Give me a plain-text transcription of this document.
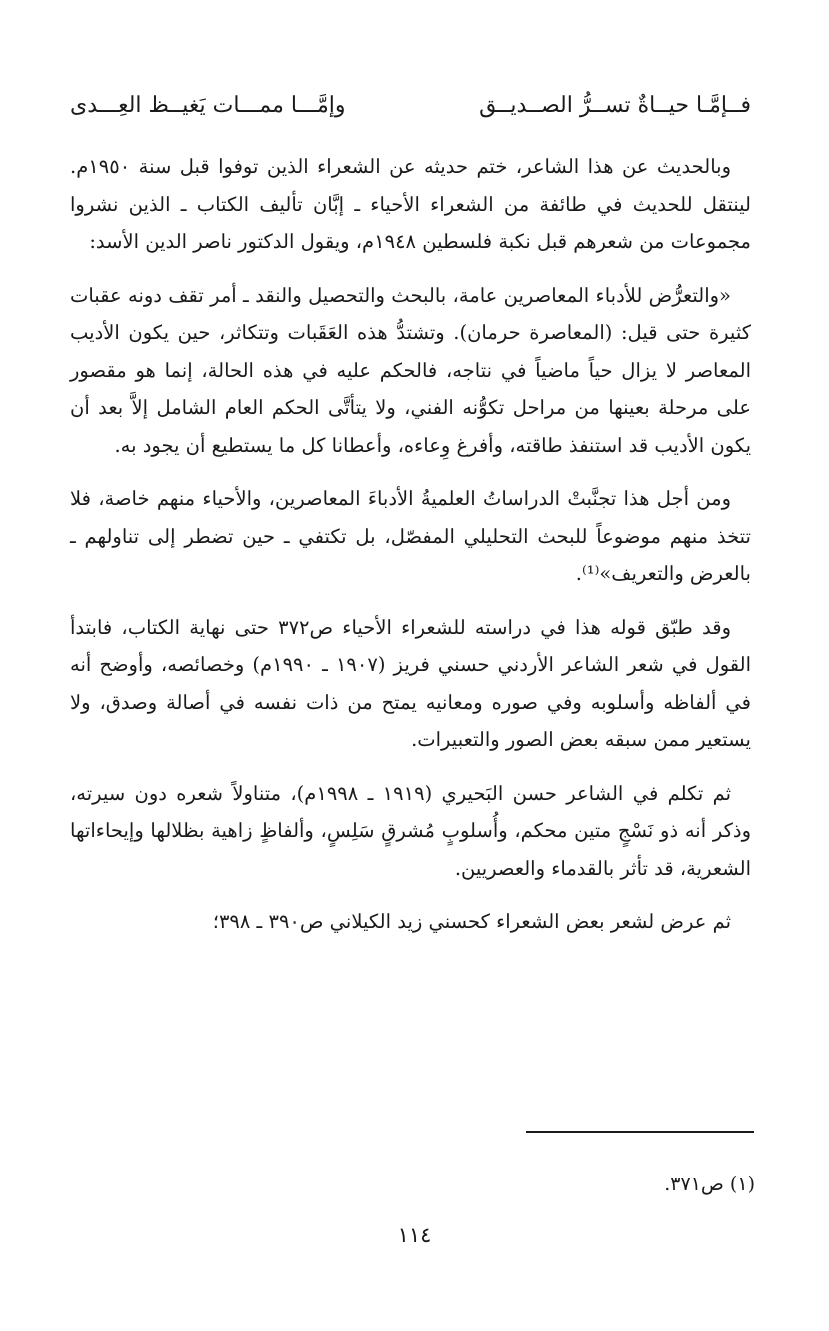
فــإمَّـا حيــاةٌ تســرُّ الصــديــق
وإمَّـــا ممـــات يَغيــظ العِـــدى

وبالحديث عن هذا الشاعر، ختم حديثه عن الشعراء الذين توفوا قبل سنة ١٩٥٠م. لينتقل للحديث في طائفة من الشعراء الأحياء ـ إبَّان تأليف الكتاب ـ الذين نشروا مجموعات من شعرهم قبل نكبة فلسطين ١٩٤٨م، ويقول الدكتور ناصر الدين الأسد:

«والتعرُّض للأدباء المعاصرين عامة، بالبحث والتحصيل والنقد ـ أمر تقف دونه عقبات كثيرة حتى قيل: (المعاصرة حرمان). وتشتدُّ هذه العَقَبات وتتكاثر، حين يكون الأديب المعاصر لا يزال حياً ماضياً في نتاجه، فالحكم عليه في هذه الحالة، إنما هو مقصور على مرحلة بعينها من مراحل تكوُّنه الفني، ولا يتأتَّى الحكم العام الشامل إلاَّ بعد أن يكون الأديب قد استنفذ طاقته، وأفرغ وِعاءه، وأعطانا كل ما يستطيع أن يجود به.

ومن أجل هذا تجنَّبتْ الدراساتُ العلميةُ الأدباءَ المعاصرين، والأحياء منهم خاصة، فلا تتخذ منهم موضوعاً للبحث التحليلي المفصّل، بل تكتفي ـ حين تضطر إلى تناولهم ـ بالعرض والتعريف»⁽¹⁾.

وقد طبّق قوله هذا في دراسته للشعراء الأحياء ص٣٧٢ حتى نهاية الكتاب، فابتدأ القول في شعر الشاعر الأردني حسني فريز (١٩٠٧ ـ ١٩٩٠م) وخصائصه، وأوضح أنه في ألفاظه وأسلوبه وفي صوره ومعانيه يمتح من ذات نفسه في أصالة وصدق، ولا يستعير ممن سبقه بعض الصور والتعبيرات.

ثم تكلم في الشاعر حسن البَحيري (١٩١٩ ـ ١٩٩٨م)، متناولاً شعره دون سيرته، وذكر أنه ذو نَسْجٍ متين محكم، وأُسلوبٍ مُشرقٍ سَلِسٍ، وألفاظٍ زاهية بظلالها وإيحاءاتها الشعرية، قد تأثر بالقدماء والعصريين.

ثم عرض لشعر بعض الشعراء كحسني زيد الكيلاني ص٣٩٠ ـ ٣٩٨؛

(١) ص٣٧١.
١١٤
